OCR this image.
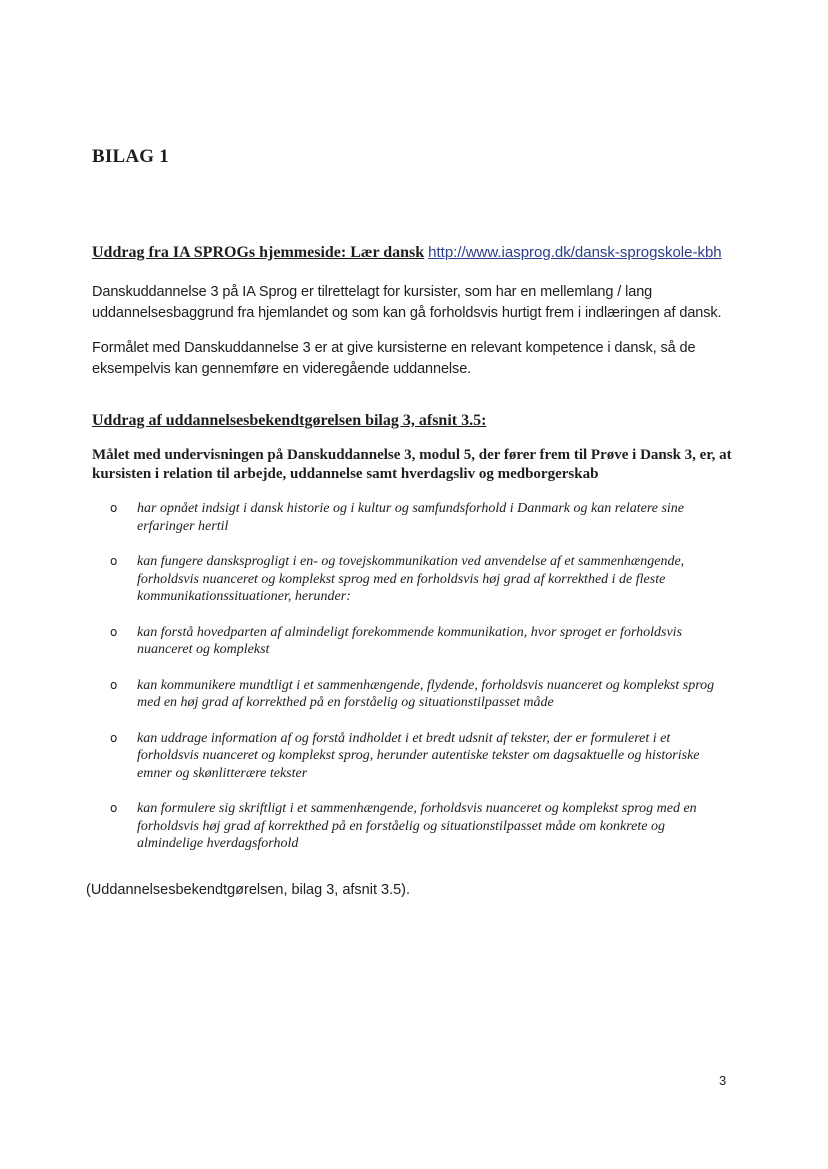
BILAG 1

Uddrag fra IA SPROGs hjemmeside: Lær dansk http://www.iasprog.dk/dansk-sprogskole-kbh

Danskuddannelse 3 på IA Sprog er tilrettelagt for kursister, som har en mellemlang / lang uddannelsesbaggrund fra hjemlandet og som kan gå forholdsvis hurtigt frem i indlæringen af dansk.

Formålet med Danskuddannelse 3 er at give kursisterne en relevant kompetence i dansk, så de eksempelvis kan gennemføre en videregående uddannelse.

Uddrag af uddannelsesbekendtgørelsen bilag 3, afsnit 3.5:

Målet med undervisningen på Danskuddannelse 3, modul 5, der fører frem til Prøve i Dansk 3, er, at kursisten i relation til arbejde, uddannelse samt hverdagsliv og medborgerskab

o har opnået indsigt i dansk historie og i kultur og samfundsforhold i Danmark og kan relatere sine erfaringer hertil
o kan fungere dansksprogligt i en- og tovejskommunikation ved anvendelse af et sammenhængende, forholdsvis nuanceret og komplekst sprog med en forholdsvis høj grad af korrekthed i de fleste kommunikationssituationer, herunder:
o kan forstå hovedparten af almindeligt forekommende kommunikation, hvor sproget er forholdsvis nuanceret og komplekst
o kan kommunikere mundtligt i et sammenhængende, flydende, forholdsvis nuanceret og komplekst sprog med en høj grad af korrekthed på en forståelig og situationstilpasset måde
o kan uddrage information af og forstå indholdet i et bredt udsnit af tekster, der er formuleret i et forholdsvis nuanceret og komplekst sprog, herunder autentiske tekster om dagsaktuelle og historiske emner og skønlitterære tekster
o kan formulere sig skriftligt i et sammenhængende, forholdsvis nuanceret og komplekst sprog med en forholdsvis høj grad af korrekthed på en forståelig og situationstilpasset måde om konkrete og almindelige hverdagsforhold

(Uddannelsesbekendtgørelsen, bilag 3, afsnit 3.5).

3
